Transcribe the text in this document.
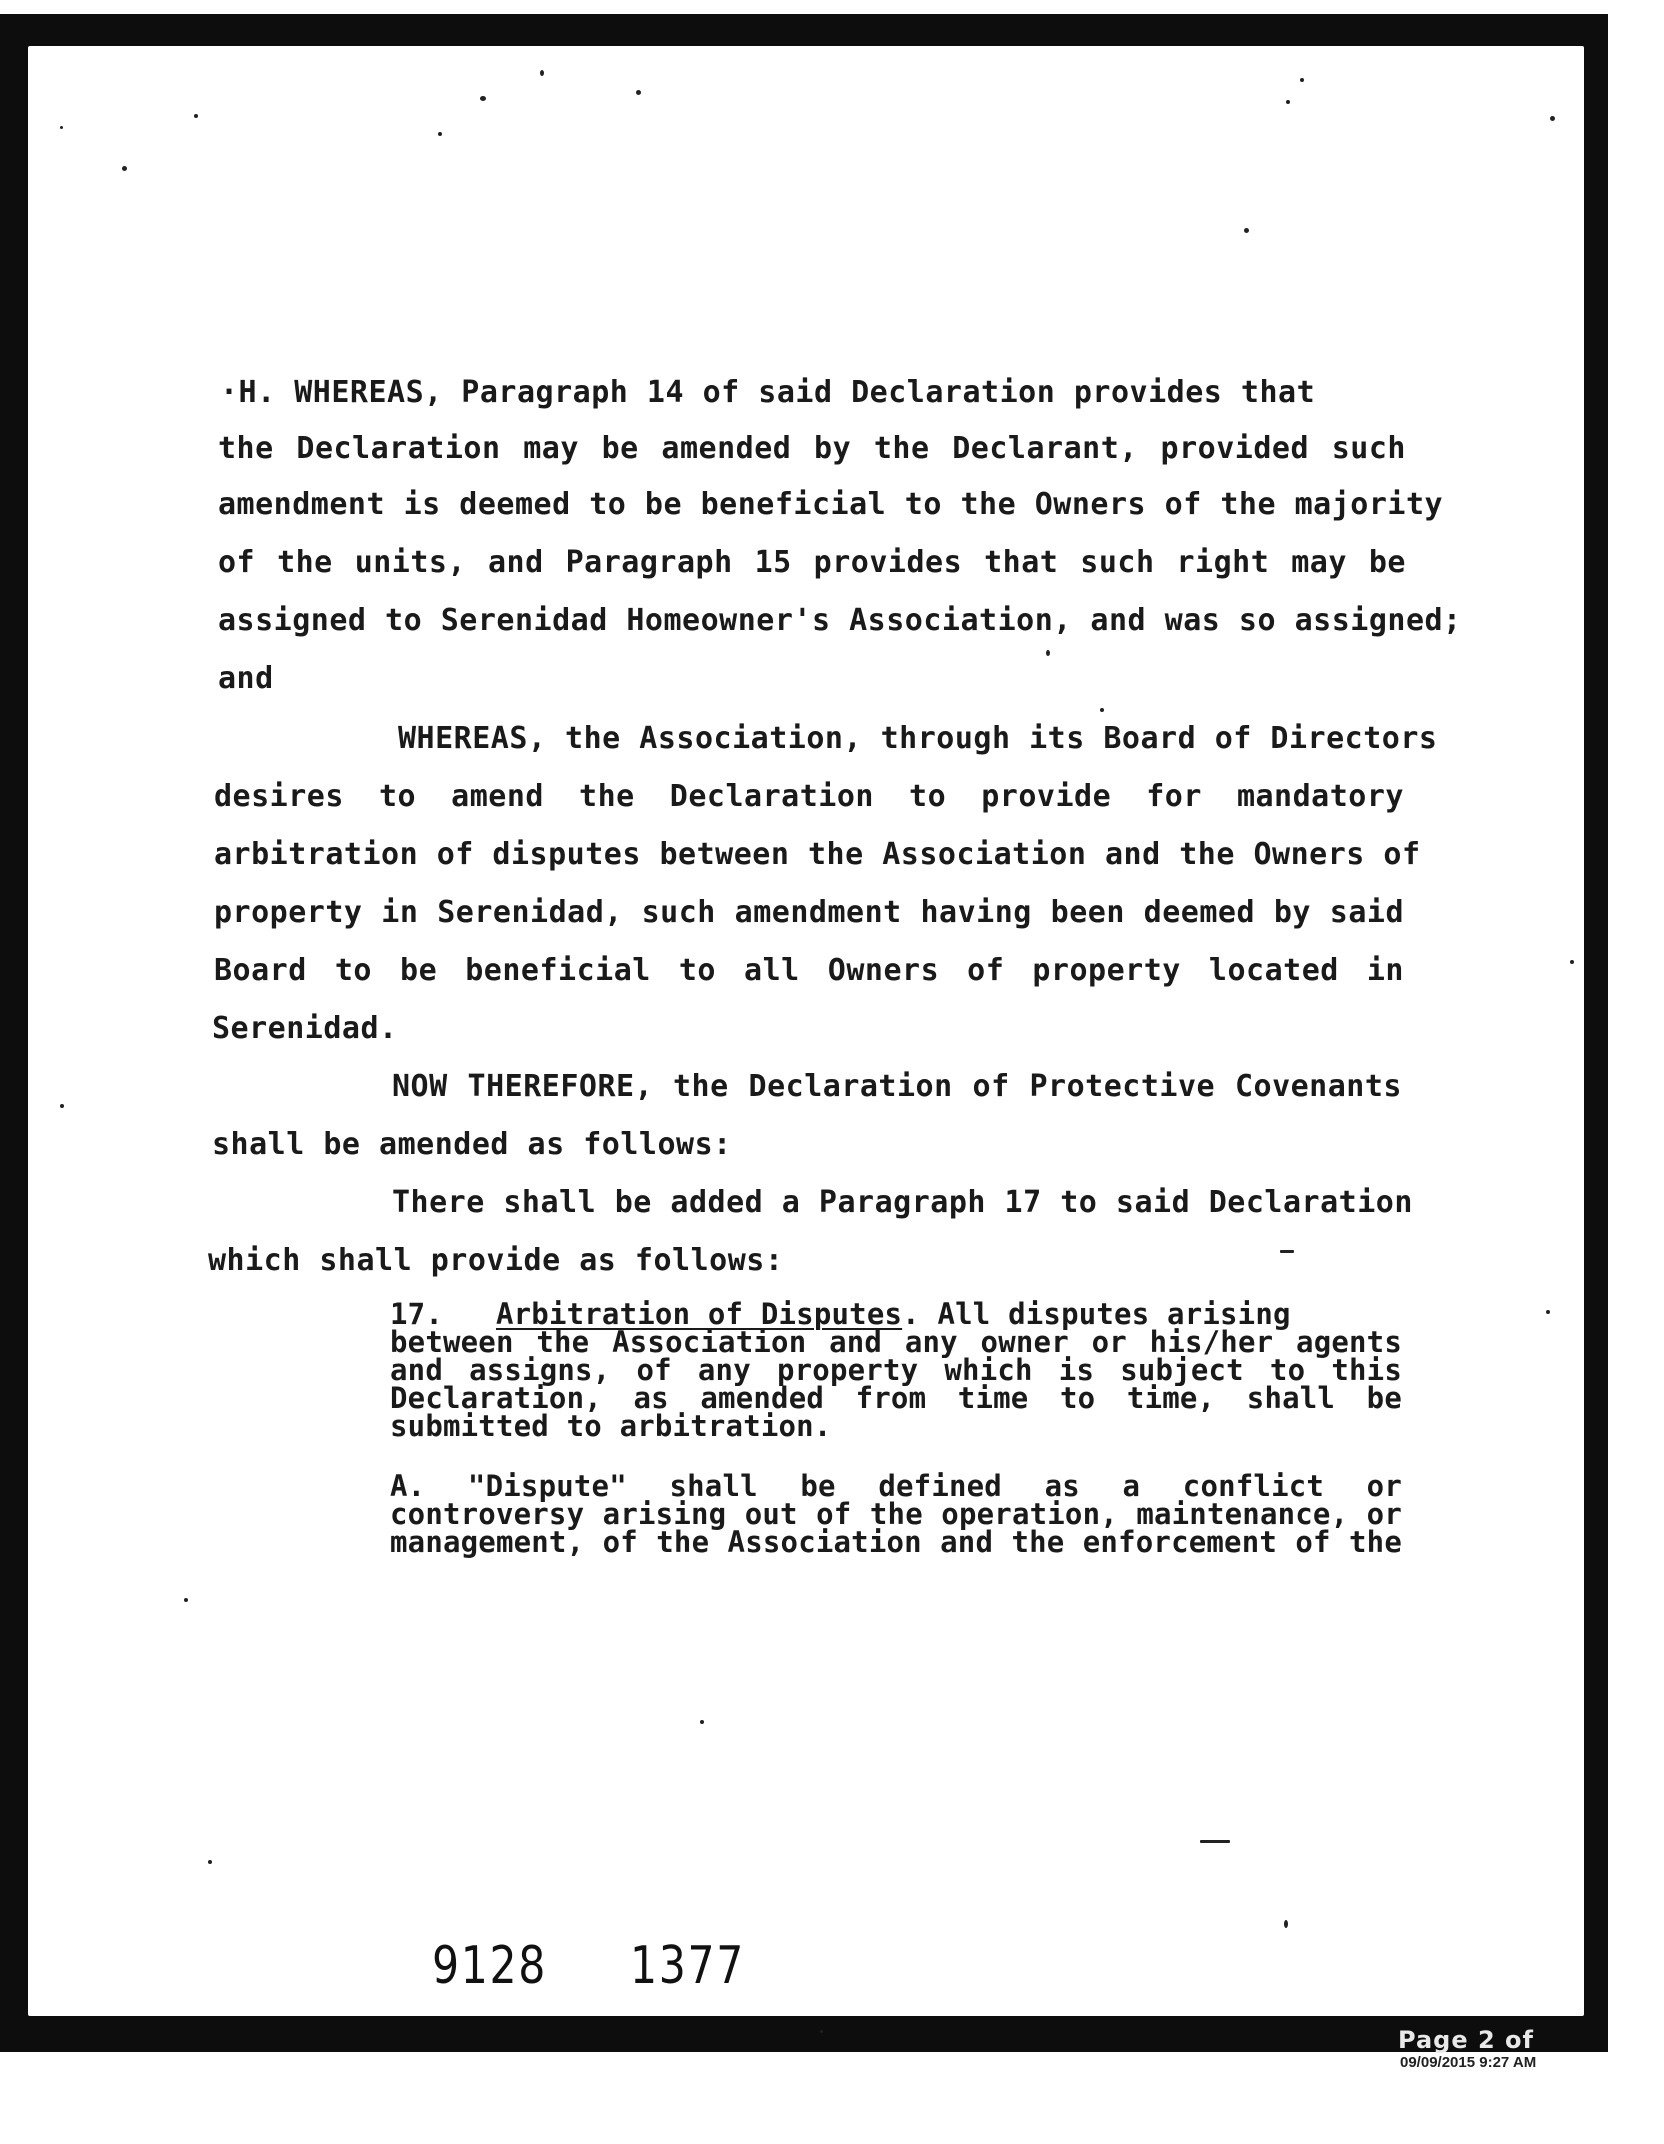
·H. WHEREAS, Paragraph 14 of said Declaration provides that
the Declaration may be amended by the Declarant, provided such
amendment is deemed to be beneficial to the Owners of the majority
of the units, and Paragraph 15 provides that such right may be
assigned to Serenidad Homeowner's Association, and was so assigned;
and
WHEREAS, the Association, through its Board of Directors
desires to amend the Declaration to provide for mandatory
arbitration of disputes between the Association and the Owners of
property in Serenidad, such amendment having been deemed by said
Board to be beneficial to all Owners of property located in
Serenidad.
NOW THEREFORE, the Declaration of Protective Covenants
shall be amended as follows:
There shall be added a Paragraph 17 to said Declaration
which shall provide as follows:
17. Arbitration of Disputes. All disputes arising
between the Association and any owner or his/her agents
and assigns, of any property which is subject to this
Declaration, as amended from time to time, shall be
submitted to arbitration.
A. "Dispute" shall be defined as a conflict or
controversy arising out of the operation, maintenance, or
management, of the Association and the enforcement of the
9128 1377
Page 2 of
09/09/2015 9:27 AM
